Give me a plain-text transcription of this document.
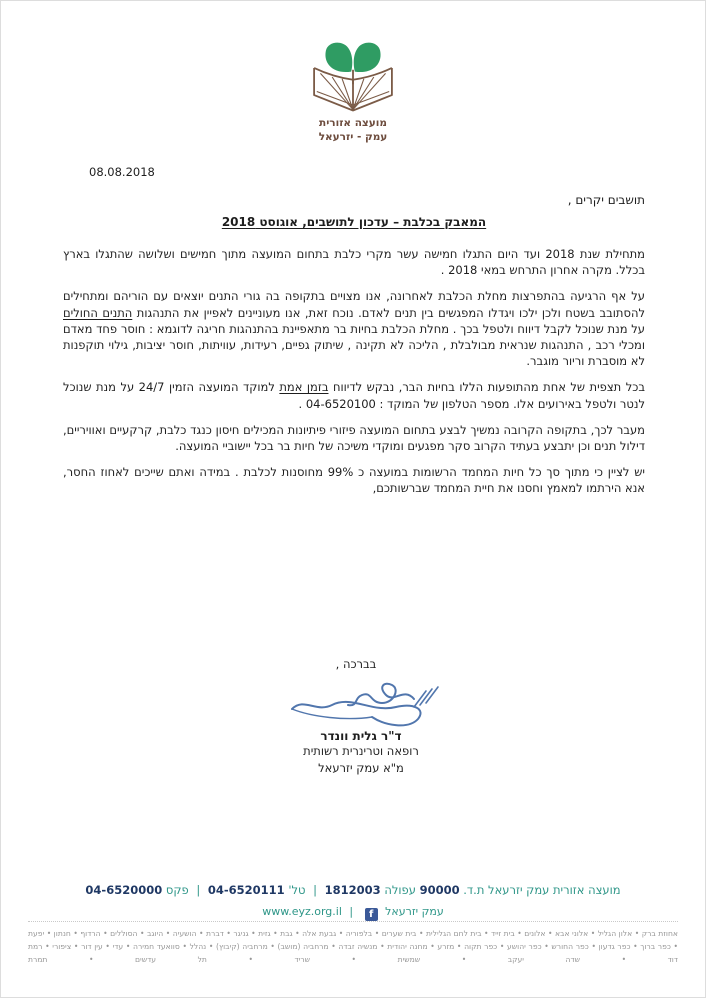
מועצה אזורית
עמק - יזרעאל
08.08.2018
תושבים יקרים ,
המאבק בכלבת – עדכון לתושבים, אוגוסט 2018

מתחילת שנת 2018 ועד היום התגלו חמישה עשר מקרי כלבת בתחום המועצה מתוך חמישים ושלושה שהתגלו בארץ בכלל. מקרה אחרון התרחש במאי 2018 .

על אף הרגיעה בהתפרצות מחלת הכלבת לאחרונה, אנו מצויים בתקופה בה גורי התנים יוצאים עם הוריהם ומתחילים להסתובב בשטח ולכן ילכו ויגדלו המפגשים בין תנים לאדם. נוכח זאת, אנו מעוניינים לאפיין את התנהגות התנים החולים על מנת שנוכל לקבל דיווח ולטפל בכך . מחלת הכלבת בחיות בר מתאפיינת בהתנהגות חריגה לדוגמא : חוסר פחד מאדם ומכלי רכב , התנהגות שנראית מבולבלת , הליכה לא תקינה , שיתוק גפיים, רעידות, עוויתות, חוסר יציבות, גילוי תוקפנות לא מוסברת וריור מוגבר.

בכל תצפית של אחת מהתופעות הללו בחיות הבר, נבקש לדיווח בזמן אמת למוקד המועצה הזמין 24/7 על מנת שנוכל לנטר ולטפל באירועים אלו. מספר הטלפון של המוקד : 04-6520100 .

מעבר לכך, בתקופה הקרובה נמשיך לבצע בתחום המועצה פיזורי פיתיונות המכילים חיסון כנגד כלבת, קרקעיים ואוויריים, דילול תנים וכן יתבצע בעתיד הקרוב סקר מפגעים ומוקדי משיכה של חיות בר בכל יישוביי המועצה.

יש לציין כי מתוך סך כל חיות המחמד הרשומות במועצה כ 99% מחוסנות לכלבת . במידה ואתם שייכים לאחוז החסר, אנא הירתמו למאמץ וחסנו את חיית המחמד שברשותכם,

בברכה ,
ד"ר גלית וונדר
רופאה וטרינרית רשותית
מ"א עמק יזרעאל
מועצה אזורית עמק יזרעאל ת.ד. 90000 עפולה 1812003 | טל' 04-6520111 | פקס 04-6520000
עמק יזרעאל f | www.eyz.org.il
אחוזת ברק • אלון הגליל • אלוני אבא • אלונים • בית זייד • בית לחם הגלילית • בית שערים • בלפוריה • גבעת אלה • גבת • גזית • גניגר • דברת • הושעיה • היוגב • הסוללים • הרדוף • חנתון • יפעת • כפר ברוך • כפר גדעון • כפר החורש • כפר יהושע • כפר תקוה • מזרע • מחנה יהודית • מנשיה זבדה • מרחביה (מושב) • מרחביה (קיבוץ) • נהלל • סוואעד חמירה • עדי • עין דור • ציפורי • רמת דוד • שדה יעקב • שמשית • שריד • תל עדשים • תמרת
